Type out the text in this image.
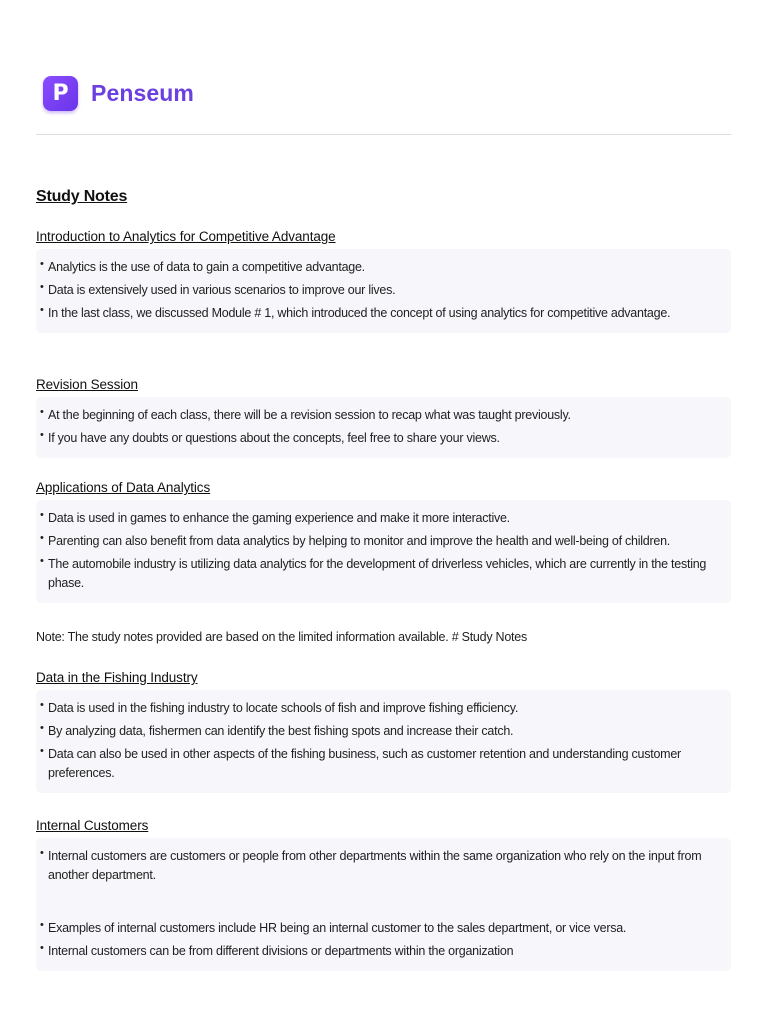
P Penseum
Study Notes
Introduction to Analytics for Competitive Advantage
• Analytics is the use of data to gain a competitive advantage.
• Data is extensively used in various scenarios to improve our lives.
• In the last class, we discussed Module # 1, which introduced the concept of using analytics for competitive advantage.
Revision Session
• At the beginning of each class, there will be a revision session to recap what was taught previously.
• If you have any doubts or questions about the concepts, feel free to share your views.
Applications of Data Analytics
• Data is used in games to enhance the gaming experience and make it more interactive.
• Parenting can also benefit from data analytics by helping to monitor and improve the health and well-being of children.
• The automobile industry is utilizing data analytics for the development of driverless vehicles, which are currently in the testing phase.
Note: The study notes provided are based on the limited information available. # Study Notes
Data in the Fishing Industry
• Data is used in the fishing industry to locate schools of fish and improve fishing efficiency.
• By analyzing data, fishermen can identify the best fishing spots and increase their catch.
• Data can also be used in other aspects of the fishing business, such as customer retention and understanding customer preferences.
Internal Customers
• Internal customers are customers or people from other departments within the same organization who rely on the input from another department.
• Examples of internal customers include HR being an internal customer to the sales department, or vice versa.
• Internal customers can be from different divisions or departments within the organization
